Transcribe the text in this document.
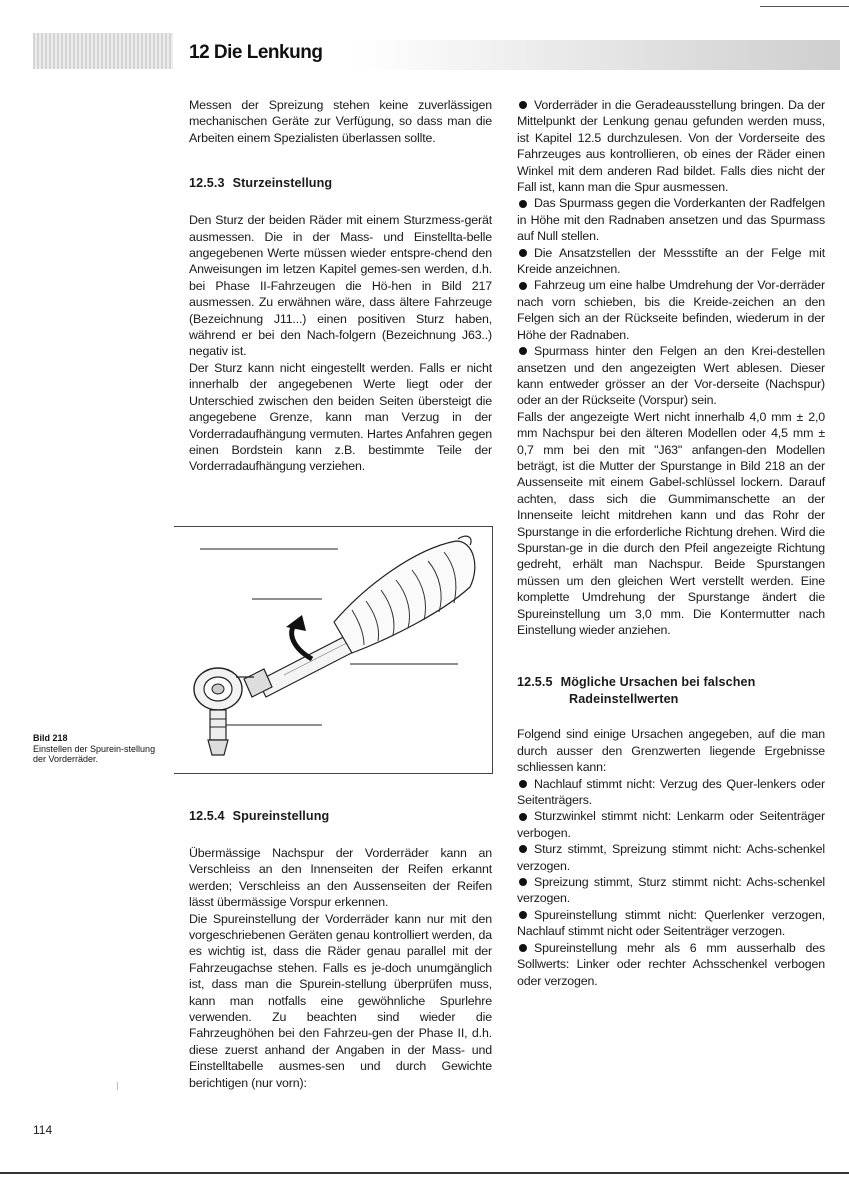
12 Die Lenkung

Messen der Spreizung stehen keine zuverlässigen mechanischen Geräte zur Verfügung, so dass man die Arbeiten einem Spezialisten überlassen sollte.

12.5.3 Sturzeinstellung

Den Sturz der beiden Räder mit einem Sturzmess-gerät ausmessen. Die in der Mass- und Einstellta-belle angegebenen Werte müssen wieder entspre-chend den Anweisungen im letzen Kapitel gemes-sen werden, d.h. bei Phase II-Fahrzeugen die Hö-hen in Bild 217 ausmessen. Zu erwähnen wäre, dass ältere Fahrzeuge (Bezeichnung J11...) einen positiven Sturz haben, während er bei den Nach-folgern (Bezeichnung J63..) negativ ist.

Der Sturz kann nicht eingestellt werden. Falls er nicht innerhalb der angegebenen Werte liegt oder der Unterschied zwischen den beiden Seiten übersteigt die angegebene Grenze, kann man Verzug in der Vorderradaufhängung vermuten. Hartes Anfahren gegen einen Bordstein kann z.B. bestimmte Teile der Vorderradaufhängung verziehen.

Bild 218
Einstellen der Spurein-stellung der Vorderräder.
12.5.4 Spureinstellung

Übermässige Nachspur der Vorderräder kann an Verschleiss an den Innenseiten der Reifen erkannt werden; Verschleiss an den Aussenseiten der Reifen lässt übermässige Vorspur erkennen.

Die Spureinstellung der Vorderräder kann nur mit den vorgeschriebenen Geräten genau kontrolliert werden, da es wichtig ist, dass die Räder genau parallel mit der Fahrzeugachse stehen. Falls es je-doch unumgänglich ist, dass man die Spurein-stellung überprüfen muss, kann man notfalls eine gewöhnliche Spurlehre verwenden. Zu beachten sind wieder die Fahrzeughöhen bei den Fahrzeu-gen der Phase II, d.h. diese zuerst anhand der Angaben in der Mass- und Einstelltabelle ausmes-sen und durch Gewichte berichtigen (nur vorn):

Vorderräder in die Geradeausstellung bringen. Da der Mittelpunkt der Lenkung genau gefunden werden muss, ist Kapitel 12.5 durchzulesen. Von der Vorderseite des Fahrzeuges aus kontrollieren, ob eines der Räder einen Winkel mit dem anderen Rad bildet. Falls dies nicht der Fall ist, kann man die Spur ausmessen.

Das Spurmass gegen die Vorderkanten der Radfelgen in Höhe mit den Radnaben ansetzen und das Spurmass auf Null stellen.

Die Ansatzstellen der Messstifte an der Felge mit Kreide anzeichnen.

Fahrzeug um eine halbe Umdrehung der Vor-derräder nach vorn schieben, bis die Kreide-zeichen an den Felgen sich an der Rückseite befinden, wiederum in der Höhe der Radnaben.

Spurmass hinter den Felgen an den Krei-destellen ansetzen und den angezeigten Wert ablesen. Dieser kann entweder grösser an der Vor-derseite (Nachspur) oder an der Rückseite (Vorspur) sein.

Falls der angezeigte Wert nicht innerhalb 4,0 mm ± 2,0 mm Nachspur bei den älteren Modellen oder 4,5 mm ± 0,7 mm bei den mit "J63" anfangen-den Modellen beträgt, ist die Mutter der Spurstange in Bild 218 an der Aussenseite mit einem Gabel-schlüssel lockern. Darauf achten, dass sich die Gummimanschette an der Innenseite leicht mitdrehen kann und das Rohr der Spurstange in die erforderliche Richtung drehen. Wird die Spurstan-ge in die durch den Pfeil angezeigte Richtung gedreht, erhält man Nachspur. Beide Spurstangen müssen um den gleichen Wert verstellt werden. Eine komplette Umdrehung der Spurstange ändert die Spureinstellung um 3,0 mm. Die Kontermutter nach Einstellung wieder anziehen.

12.5.5 Mögliche Ursachen bei falschen
Radeinstellwerten

Folgend sind einige Ursachen angegeben, auf die man durch ausser den Grenzwerten liegende Ergebnisse schliessen kann:

Nachlauf stimmt nicht: Verzug des Quer-lenkers oder Seitenträgers.

Sturzwinkel stimmt nicht: Lenkarm oder Seitenträger verbogen.

Sturz stimmt, Spreizung stimmt nicht: Achs-schenkel verzogen.

Spreizung stimmt, Sturz stimmt nicht: Achs-schenkel verzogen.

Spureinstellung stimmt nicht: Querlenker verzogen, Nachlauf stimmt nicht oder Seitenträger verzogen.

Spureinstellung mehr als 6 mm ausserhalb des Sollwerts: Linker oder rechter Achsschenkel verbogen oder verzogen.

114
